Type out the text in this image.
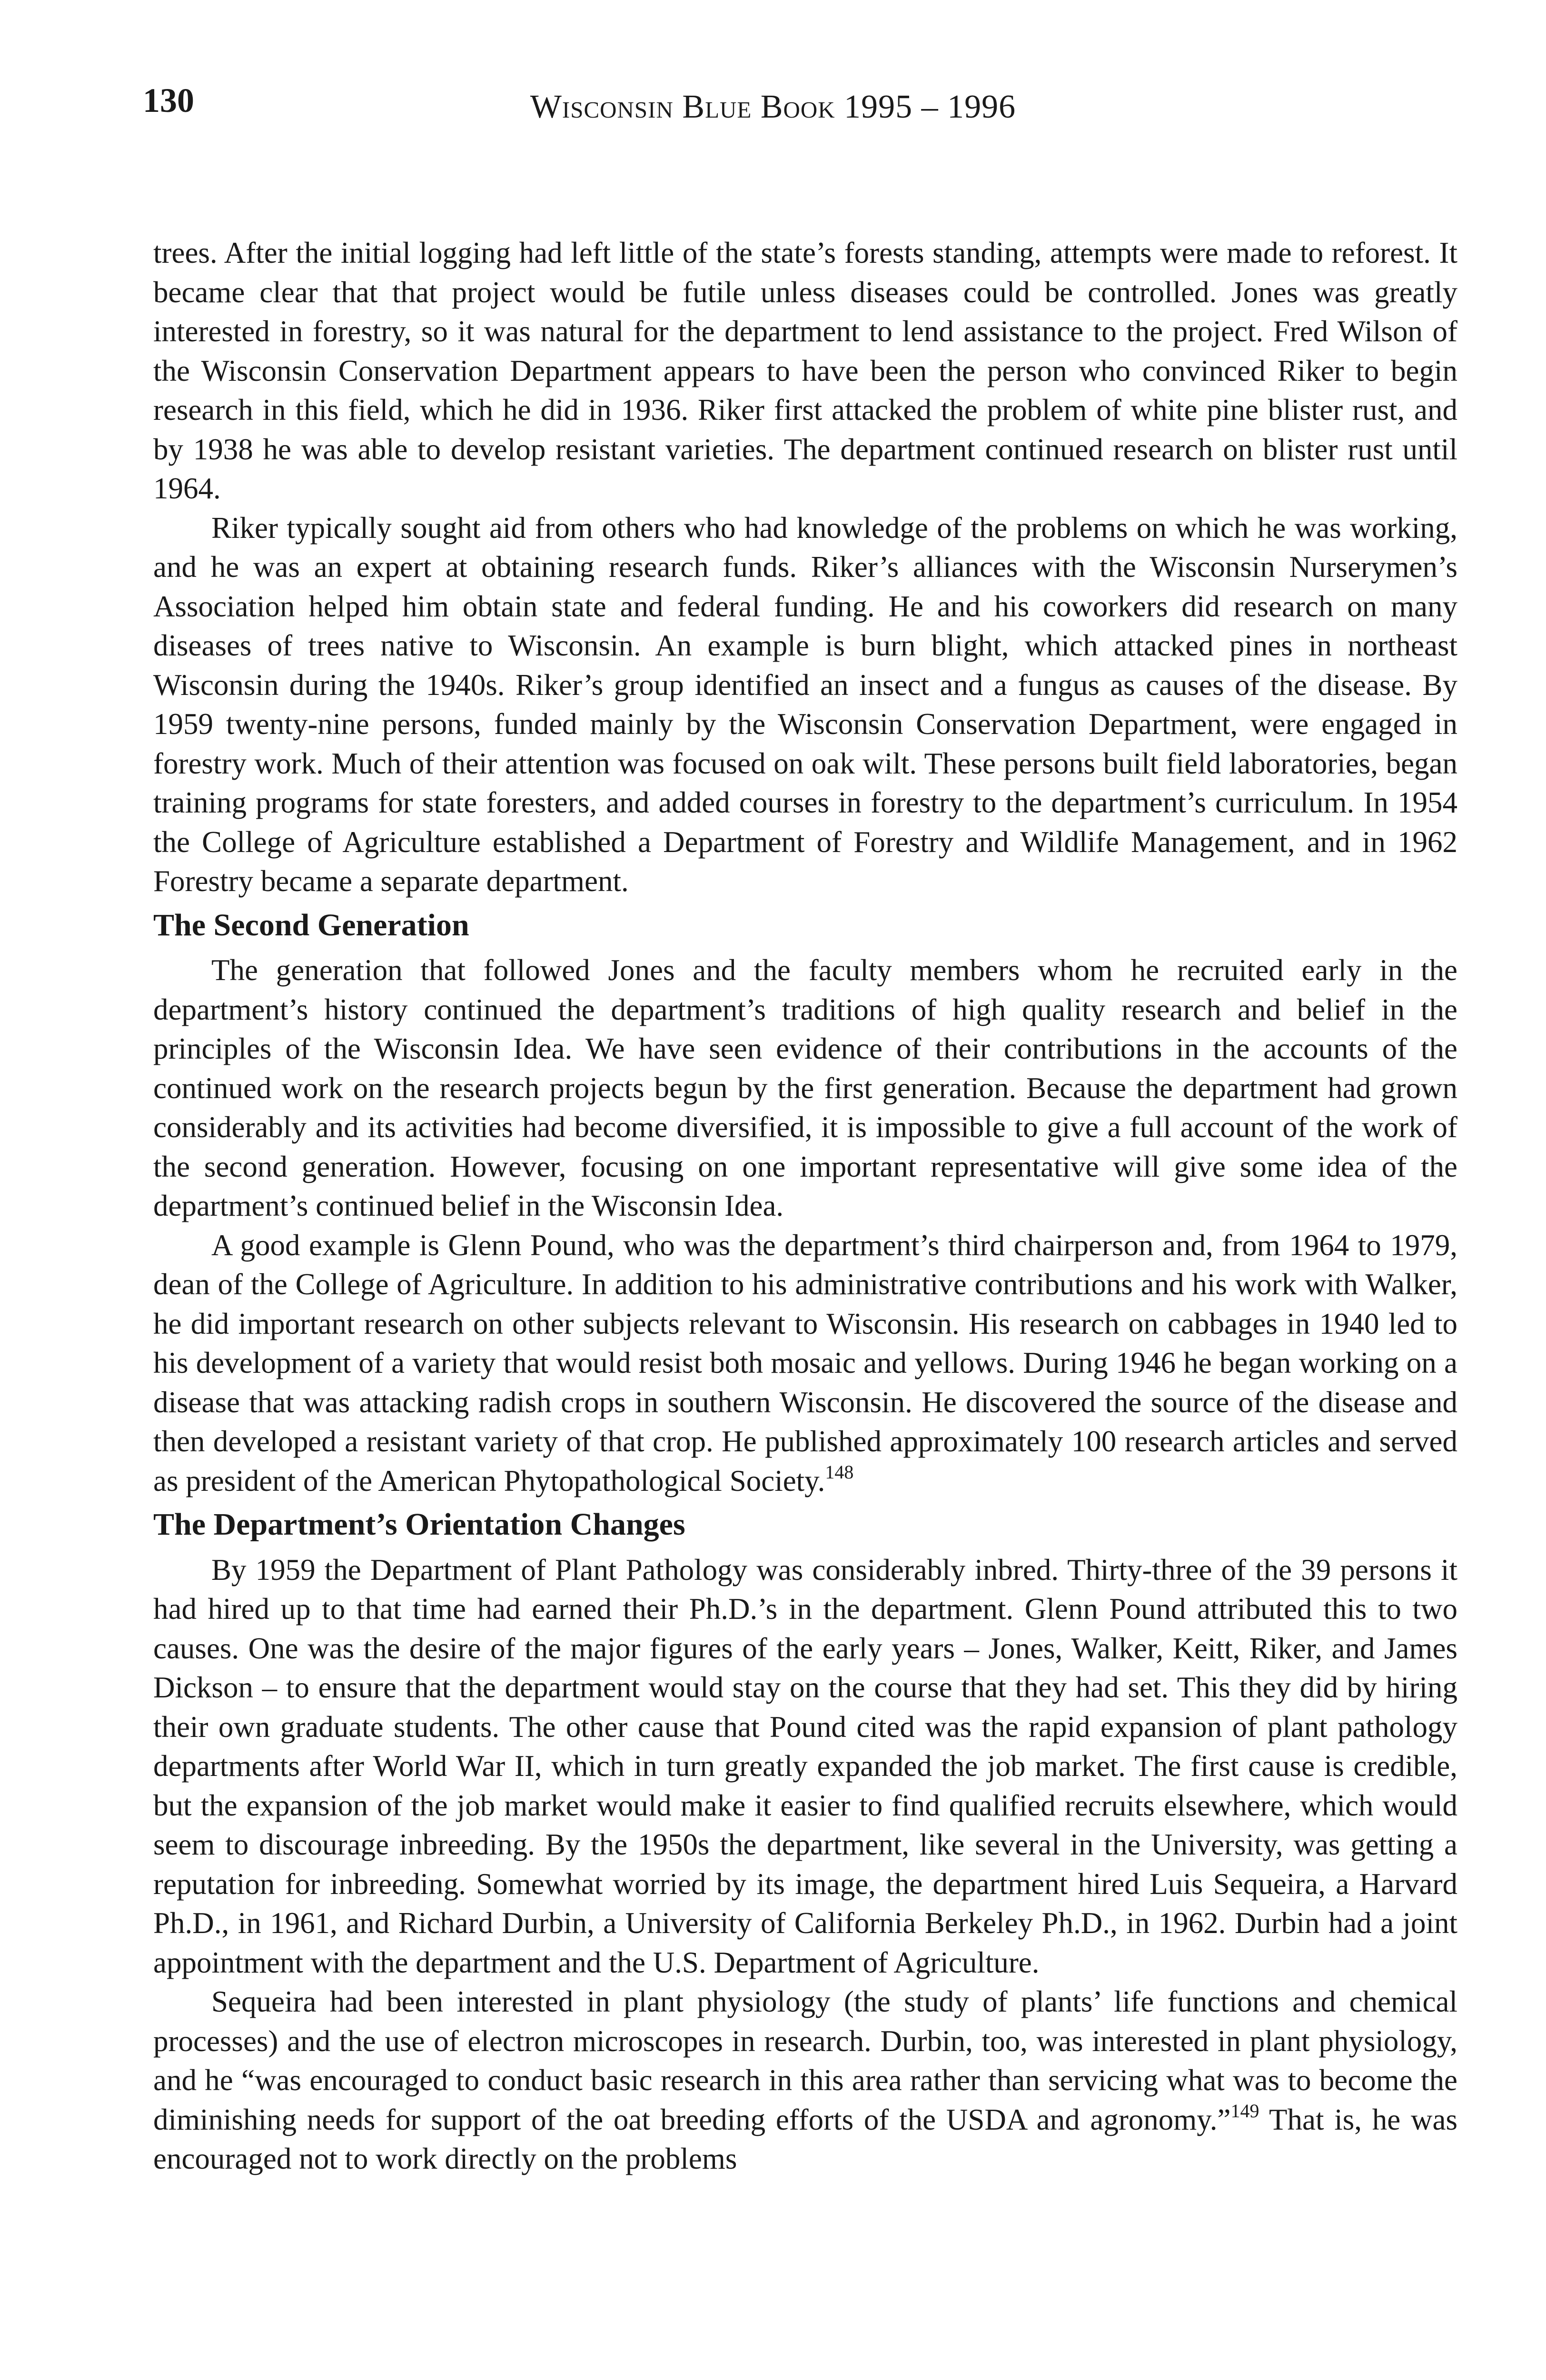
130	Wisconsin Blue Book 1995 – 1996

trees. After the initial logging had left little of the state’s forests standing, attempts were made to reforest. It became clear that that project would be futile unless diseases could be controlled. Jones was greatly interested in forestry, so it was natural for the department to lend assistance to the project. Fred Wilson of the Wisconsin Conservation Department appears to have been the person who convinced Riker to begin research in this field, which he did in 1936. Riker first attacked the problem of white pine blister rust, and by 1938 he was able to develop resistant varieties. The department continued research on blister rust until 1964.

Riker typically sought aid from others who had knowledge of the problems on which he was working, and he was an expert at obtaining research funds. Riker’s alliances with the Wisconsin Nurserymen’s Association helped him obtain state and federal funding. He and his coworkers did research on many diseases of trees native to Wisconsin. An example is burn blight, which attacked pines in northeast Wisconsin during the 1940s. Riker’s group identified an insect and a fungus as causes of the disease. By 1959 twenty-nine persons, funded mainly by the Wisconsin Conservation Department, were engaged in forestry work. Much of their attention was focused on oak wilt. These persons built field laboratories, began training programs for state foresters, and added courses in forestry to the department’s curriculum. In 1954 the College of Agriculture established a Department of Forestry and Wildlife Management, and in 1962 Forestry became a separate department.

The Second Generation

The generation that followed Jones and the faculty members whom he recruited early in the department’s history continued the department’s traditions of high quality research and belief in the principles of the Wisconsin Idea. We have seen evidence of their contributions in the accounts of the continued work on the research projects begun by the first generation. Because the department had grown considerably and its activities had become diversified, it is impossible to give a full account of the work of the second generation. However, focusing on one important representative will give some idea of the department’s continued belief in the Wisconsin Idea.

A good example is Glenn Pound, who was the department’s third chairperson and, from 1964 to 1979, dean of the College of Agriculture. In addition to his administrative contributions and his work with Walker, he did important research on other subjects relevant to Wisconsin. His research on cabbages in 1940 led to his development of a variety that would resist both mosaic and yellows. During 1946 he began working on a disease that was attacking radish crops in southern Wisconsin. He discovered the source of the disease and then developed a resistant variety of that crop. He published approximately 100 research articles and served as president of the American Phytopathological Society.$^{148}$

The Department’s Orientation Changes

By 1959 the Department of Plant Pathology was considerably inbred. Thirty-three of the 39 persons it had hired up to that time had earned their Ph.D.’s in the department. Glenn Pound attributed this to two causes. One was the desire of the major figures of the early years – Jones, Walker, Keitt, Riker, and James Dickson – to ensure that the department would stay on the course that they had set. This they did by hiring their own graduate students. The other cause that Pound cited was the rapid expansion of plant pathology departments after World War II, which in turn greatly expanded the job market. The first cause is credible, but the expansion of the job market would make it easier to find qualified recruits elsewhere, which would seem to discourage inbreeding. By the 1950s the department, like several in the University, was getting a reputation for inbreeding. Somewhat worried by its image, the department hired Luis Sequeira, a Harvard Ph.D., in 1961, and Richard Durbin, a University of California Berkeley Ph.D., in 1962. Durbin had a joint appointment with the department and the U.S. Department of Agriculture.

Sequeira had been interested in plant physiology (the study of plants’ life functions and chemical processes) and the use of electron microscopes in research. Durbin, too, was interested in plant physiology, and he “was encouraged to conduct basic research in this area rather than servicing what was to become the diminishing needs for support of the oat breeding efforts of the USDA and agronomy.”$^{149}$ That is, he was encouraged not to work directly on the problems
